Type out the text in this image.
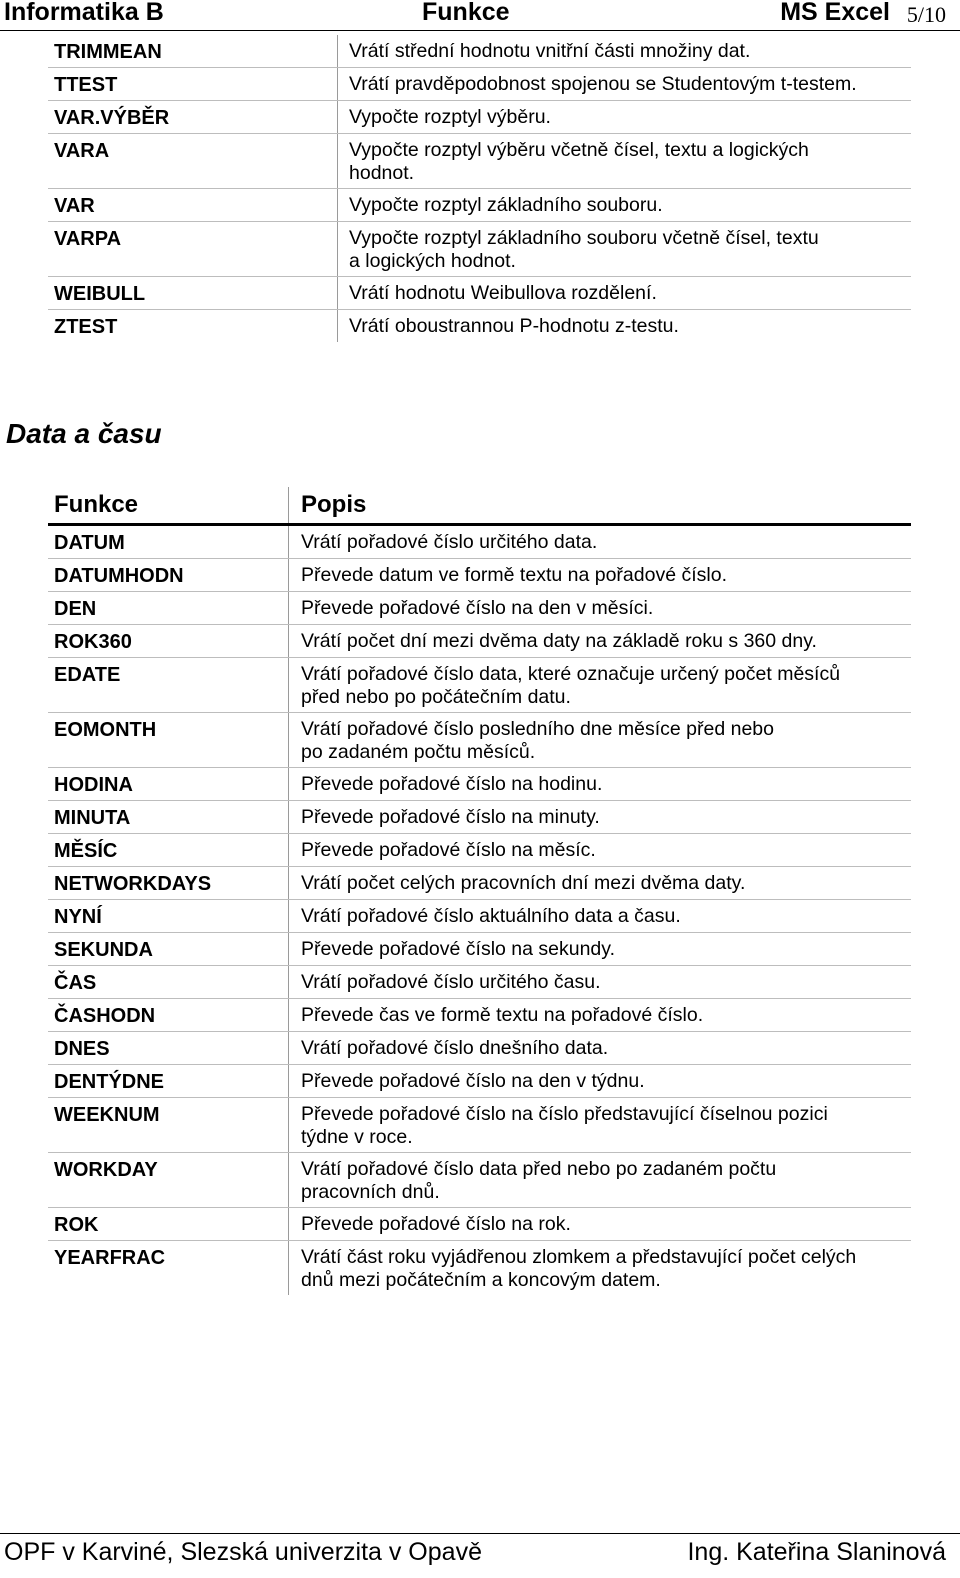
Informatika B	Funkce	MS Excel 5/10
TRIMMEAN	Vrátí střední hodnotu vnitřní části množiny dat.
TTEST	Vrátí pravděpodobnost spojenou se Studentovým t-testem.
VAR.VÝBĚR	Vypočte rozptyl výběru.
VARA	Vypočte rozptyl výběru včetně čísel, textu a logických
hodnot.
VAR	Vypočte rozptyl základního souboru.
VARPA	Vypočte rozptyl základního souboru včetně čísel, textu
a logických hodnot.
WEIBULL	Vrátí hodnotu Weibullova rozdělení.
ZTEST	Vrátí oboustrannou P-hodnotu z-testu.
Data a času
Funkce	Popis
DATUM	Vrátí pořadové číslo určitého data.
DATUMHODN	Převede datum ve formě textu na pořadové číslo.
DEN	Převede pořadové číslo na den v měsíci.
ROK360	Vrátí počet dní mezi dvěma daty na základě roku s 360 dny.
EDATE	Vrátí pořadové číslo data, které označuje určený počet měsíců
před nebo po počátečním datu.
EOMONTH	Vrátí pořadové číslo posledního dne měsíce před nebo
po zadaném počtu měsíců.
HODINA	Převede pořadové číslo na hodinu.
MINUTA	Převede pořadové číslo na minuty.
MĚSÍC	Převede pořadové číslo na měsíc.
NETWORKDAYS	Vrátí počet celých pracovních dní mezi dvěma daty.
NYNÍ	Vrátí pořadové číslo aktuálního data a času.
SEKUNDA	Převede pořadové číslo na sekundy.
ČAS	Vrátí pořadové číslo určitého času.
ČASHODN	Převede čas ve formě textu na pořadové číslo.
DNES	Vrátí pořadové číslo dnešního data.
DENTÝDNE	Převede pořadové číslo na den v týdnu.
WEEKNUM	Převede pořadové číslo na číslo představující číselnou pozici
týdne v roce.
WORKDAY	Vrátí pořadové číslo data před nebo po zadaném počtu
pracovních dnů.
ROK	Převede pořadové číslo na rok.
YEARFRAC	Vrátí část roku vyjádřenou zlomkem a představující počet celých
dnů mezi počátečním a koncovým datem.
OPF v Karviné, Slezská univerzita v Opavě	Ing. Kateřina Slaninová
